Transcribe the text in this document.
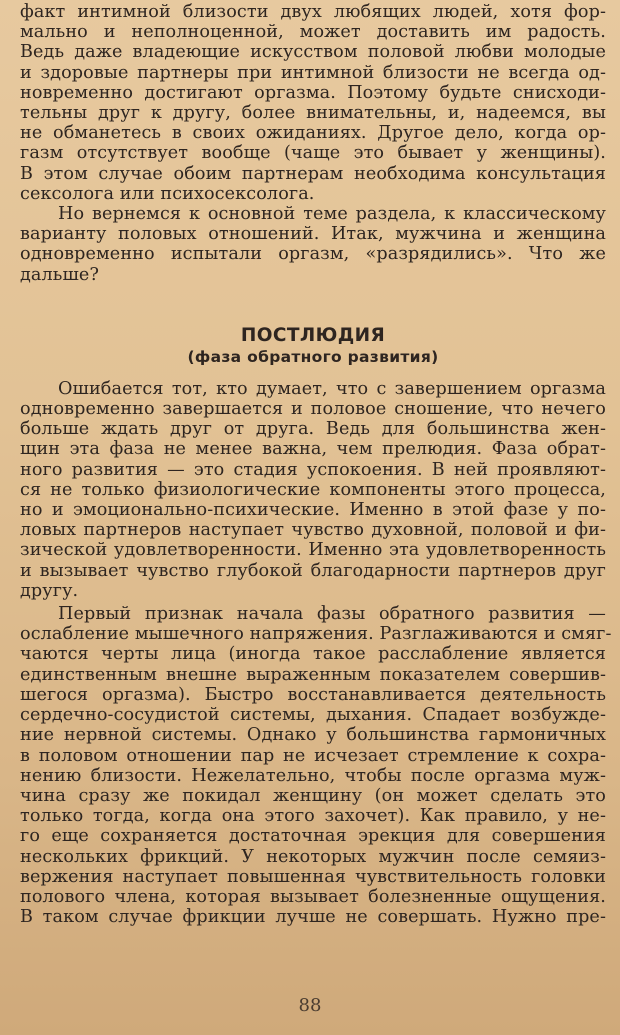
факт интимной близости двух любящих людей, хотя фор-
мально и неполноценной, может доставить им радость.
Ведь даже владеющие искусством половой любви молодые
и здоровые партнеры при интимной близости не всегда од-
новременно достигают оргазма. Поэтому будьте снисходи-
тельны друг к другу, более внимательны, и, надеемся, вы
не обманетесь в своих ожиданиях. Другое дело, когда ор-
газм отсутствует вообще (чаще это бывает у женщины).
В этом случае обоим партнерам необходима консультация
сексолога или психосексолога.
Но вернемся к основной теме раздела, к классическому
варианту половых отношений. Итак, мужчина и женщина
одновременно испытали оргазм, «разрядились». Что же
дальше?
ПОСТЛЮДИЯ
(фаза обратного развития)
Ошибается тот, кто думает, что с завершением оргазма
одновременно завершается и половое сношение, что нечего
больше ждать друг от друга. Ведь для большинства жен-
щин эта фаза не менее важна, чем прелюдия. Фаза обрат-
ного развития — это стадия успокоения. В ней проявляют-
ся не только физиологические компоненты этого процесса,
но и эмоционально-психические. Именно в этой фазе у по-
ловых партнеров наступает чувство духовной, половой и фи-
зической удовлетворенности. Именно эта удовлетворенность
и вызывает чувство глубокой благодарности партнеров друг
другу.
Первый признак начала фазы обратного развития —
ослабление мышечного напряжения. Разглаживаются и смяг-
чаются черты лица (иногда такое расслабление является
единственным внешне выраженным показателем совершив-
шегося оргазма). Быстро восстанавливается деятельность
сердечно-сосудистой системы, дыхания. Спадает возбужде-
ние нервной системы. Однако у большинства гармоничных
в половом отношении пар не исчезает стремление к сохра-
нению близости. Нежелательно, чтобы после оргазма муж-
чина сразу же покидал женщину (он может сделать это
только тогда, когда она этого захочет). Как правило, у не-
го еще сохраняется достаточная эрекция для совершения
нескольких фрикций. У некоторых мужчин после семяиз-
вержения наступает повышенная чувствительность головки
полового члена, которая вызывает болезненные ощущения.
В таком случае фрикции лучше не совершать. Нужно пре-
88
